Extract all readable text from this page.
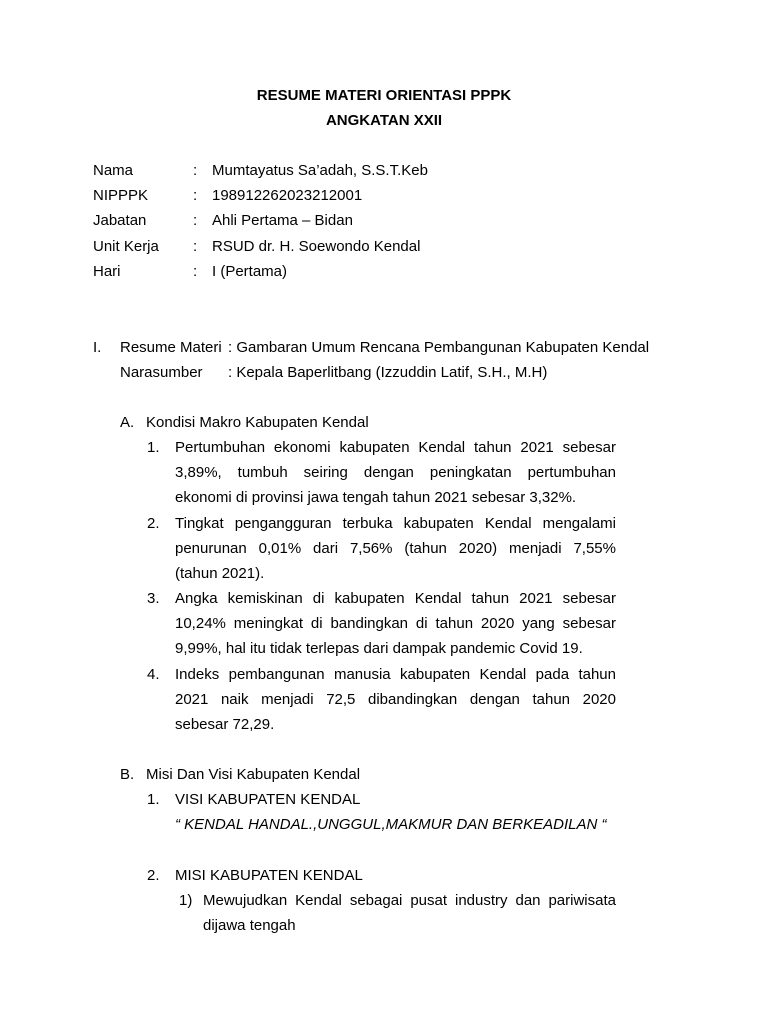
RESUME MATERI ORIENTASI PPPK
ANGKATAN XXII
Nama	: Mumtayatus Sa’adah, S.S.T.Keb
NIPPPK	: 198912262023212001
Jabatan	: Ahli Pertama – Bidan
Unit Kerja : RSUD dr. H. Soewondo Kendal
Hari	: I (Pertama)
I. Resume Materi : Gambaran Umum Rencana Pembangunan Kabupaten Kendal
Narasumber : Kepala Baperlitbang (Izzuddin Latif, S.H., M.H)
A. Kondisi Makro Kabupaten Kendal
1. Pertumbuhan ekonomi kabupaten Kendal tahun 2021 sebesar
3,89%, tumbuh seiring dengan peningkatan pertumbuhan
ekonomi di provinsi jawa tengah tahun 2021 sebesar 3,32%.
2. Tingkat pengangguran terbuka kabupaten Kendal mengalami
penurunan 0,01% dari 7,56% (tahun 2020) menjadi 7,55%
(tahun 2021).
3. Angka kemiskinan di kabupaten Kendal tahun 2021 sebesar
10,24% meningkat di bandingkan di tahun 2020 yang sebesar
9,99%, hal itu tidak terlepas dari dampak pandemic Covid 19.
4. Indeks pembangunan manusia kabupaten Kendal pada tahun
2021 naik menjadi 72,5 dibandingkan dengan tahun 2020
sebesar 72,29.
B. Misi Dan Visi Kabupaten Kendal
1. VISI KABUPATEN KENDAL
“ KENDAL HANDAL.,UNGGUL,MAKMUR DAN BERKEADILAN “
2. MISI KABUPATEN KENDAL
1) Mewujudkan Kendal sebagai pusat industry dan pariwisata
dijawa tengah
